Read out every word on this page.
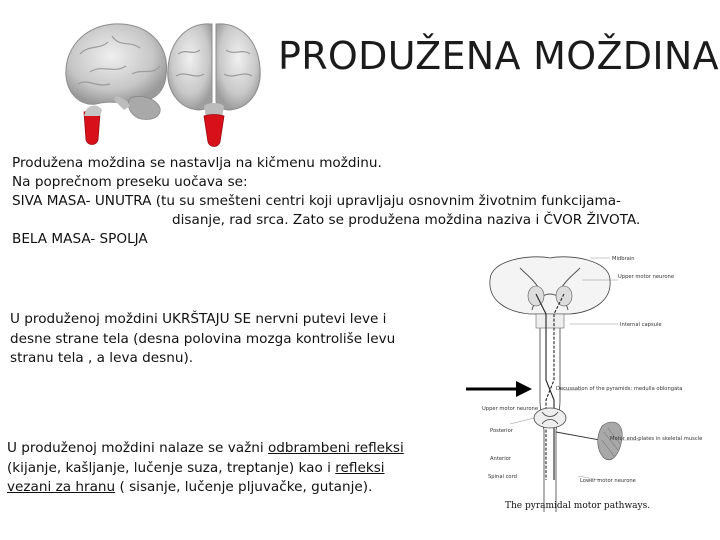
PRODUŽENA MOŽDINA
Produžena moždina se nastavlja na kičmenu moždinu.
Na poprečnom preseku uočava se:
SIVA MASA- UNUTRA (tu su smešteni centri koji upravljaju osnovnim životnim funkcijama-
disanje, rad srca. Zato se produžena moždina naziva i ČVOR ŽIVOTA.
BELA MASA- SPOLJA
U produženoj moždini UKRŠTAJU SE nervni putevi leve i
desne strane tela (desna polovina mozga kontroliše levu
stranu tela , a leva desnu).
U produženoj moždini nalaze se važni odbrambeni refleksi
(kijanje, kašljanje, lučenje suza, treptanje) kao i refleksi
vezani za hranu ( sisanje, lučenje pljuvačke, gutanje).
Midbrain
Upper motor neurone
Internal capsule
Decussation of the pyramids: medulla oblongata
Upper motor neurone
Posterior
Anterior
Spinal cord
Motor end-plates in skeletal muscle
Lower motor neurone
The pyramidal motor pathways.
